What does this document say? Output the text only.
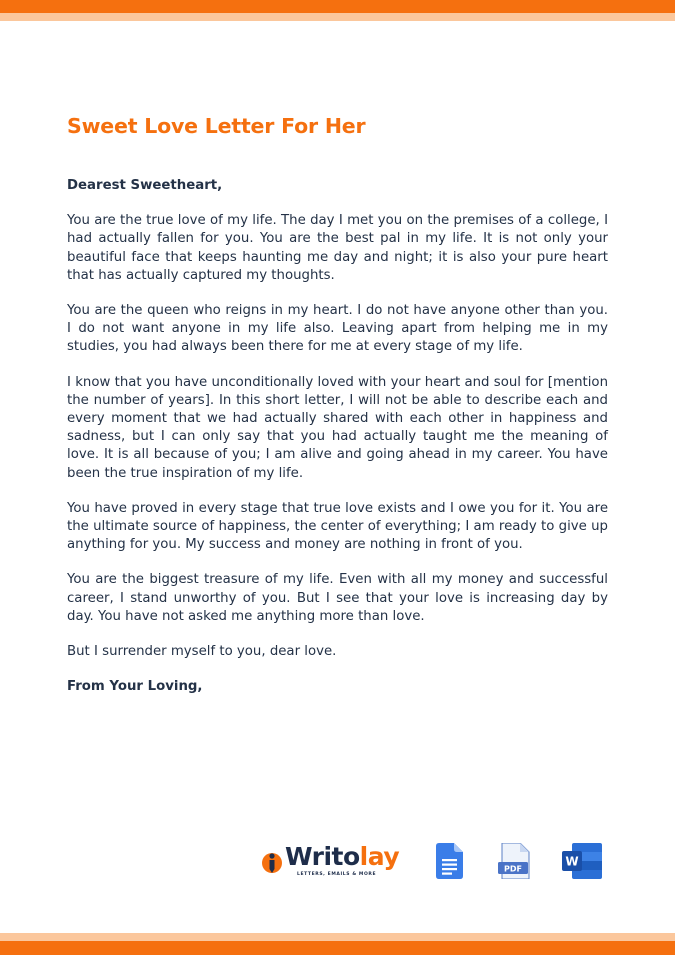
Sweet Love Letter For Her

Dearest Sweetheart,

You are the true love of my life. The day I met you on the premises of a college, I had actually fallen for you. You are the best pal in my life. It is not only your beautiful face that keeps haunting me day and night; it is also your pure heart that has actually captured my thoughts.

You are the queen who reigns in my heart. I do not have anyone other than you. I do not want anyone in my life also. Leaving apart from helping me in my studies, you had always been there for me at every stage of my life.

I know that you have unconditionally loved with your heart and soul for [mention the number of years]. In this short letter, I will not be able to describe each and every moment that we had actually shared with each other in happiness and sadness, but I can only say that you had actually taught me the meaning of love. It is all because of you; I am alive and going ahead in my career. You have been the true inspiration of my life.

You have proved in every stage that true love exists and I owe you for it. You are the ultimate source of happiness, the center of everything; I am ready to give up anything for you. My success and money are nothing in front of you.

You are the biggest treasure of my life. Even with all my money and successful career, I stand unworthy of you. But I see that your love is increasing day by day. You have not asked me anything more than love.

But I surrender myself to you, dear love.

From Your Loving,

Writolay
LETTERS, EMAILS & MORE
PDF
W
